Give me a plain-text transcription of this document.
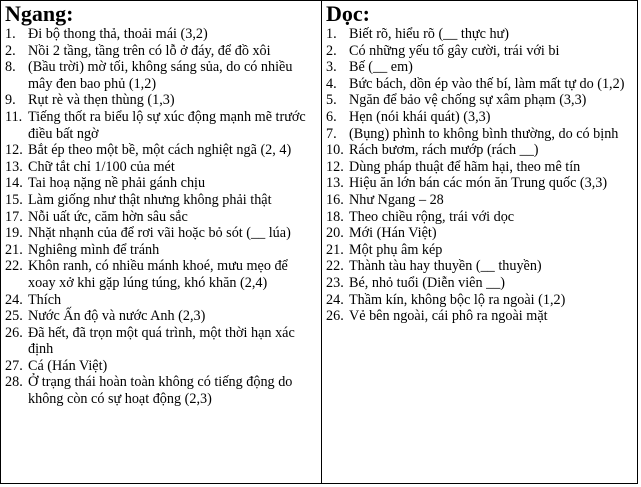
Ngang:
1. Đi bộ thong thả, thoải mái (3,2)
2. Nồi 2 tầng, tầng trên có lỗ ở đáy, để đồ xôi
8. (Bầu trời) mờ tối, không sáng sủa, do có nhiều mây đen bao phủ (1,2)
9. Rụt rè và thẹn thùng (1,3)
11. Tiếng thốt ra biểu lộ sự xúc động mạnh mẽ trước điều bất ngờ
12. Bắt ép theo một bề, một cách nghiệt ngã (2, 4)
13. Chữ tắt chỉ 1/100 của mét
14. Tai hoạ nặng nề phải gánh chịu
15. Làm giống như thật nhưng không phải thật
17. Nỗi uất ức, căm hờn sâu sắc
19. Nhặt nhạnh của để rơi vãi hoặc bỏ sót (__ lúa)
21. Nghiêng mình để tránh
22. Khôn ranh, có nhiều mánh khoé, mưu mẹo để xoay xở khi gặp lúng túng, khó khăn (2,4)
24. Thích
25. Nước Ấn độ và nước Anh (2,3)
26. Đã hết, đã trọn một quá trình, một thời hạn xác định
27. Cá (Hán Việt)
28. Ở trạng thái hoàn toàn không có tiếng động do không còn có sự hoạt động (2,3)
Dọc:
1. Biết rõ, hiểu rõ (__ thực hư)
2. Có những yếu tố gây cười, trái với bi
3. Bế (__ em)
4. Bức bách, dồn ép vào thế bí, làm mất tự do (1,2)
5. Ngăn để bảo vệ chống sự xâm phạm (3,3)
6. Hẹn (nói khái quát) (3,3)
7. (Bụng) phình to không bình thường, do có bịnh
10. Rách bươm, rách mướp (rách __)
12. Dùng pháp thuật để hãm hại, theo mê tín
13. Hiệu ăn lớn bán các món ăn Trung quốc (3,3)
16. Như Ngang – 28
18. Theo chiều rộng, trái với dọc
20. Mới (Hán Việt)
21. Một phụ âm kép
22. Thành tàu hay thuyền (__ thuyền)
23. Bé, nhỏ tuổi (Diễn viên __)
24. Thầm kín, không bộc lộ ra ngoài (1,2)
26. Vẻ bên ngoài, cái phô ra ngoài mặt
